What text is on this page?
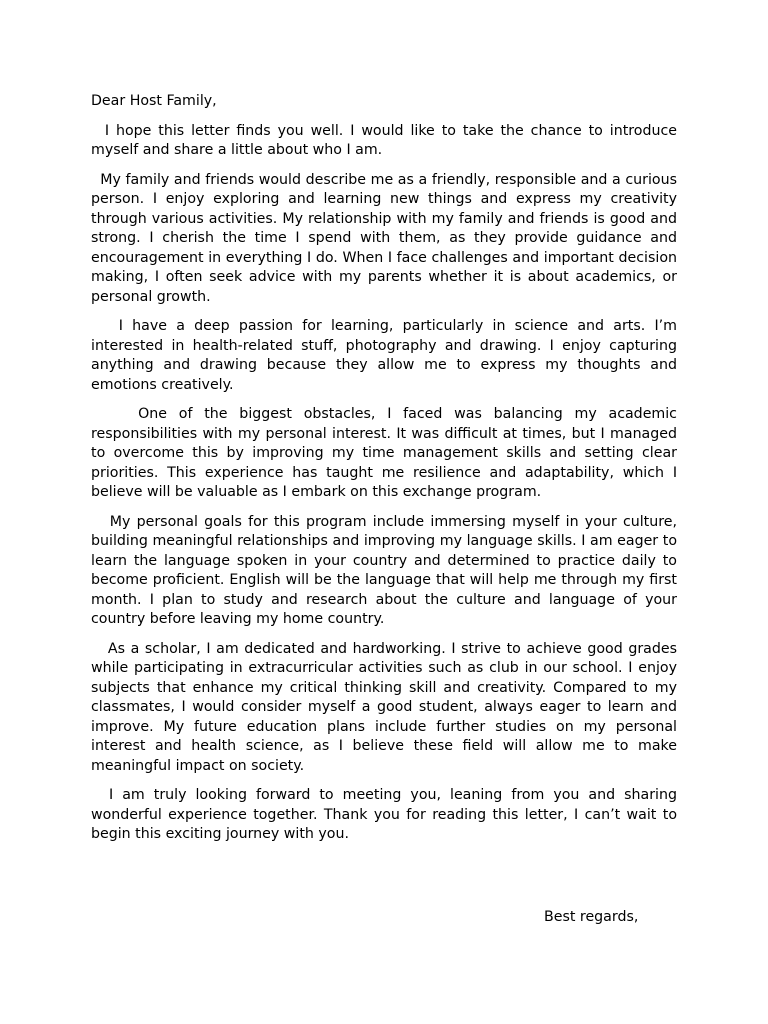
Dear Host Family,

I hope this letter finds you well. I would like to take the chance to introduce myself and share a little about who I am.

My family and friends would describe me as a friendly, responsible and a curious person. I enjoy exploring and learning new things and express my creativity through various activities. My relationship with my family and friends is good and strong. I cherish the time I spend with them, as they provide guidance and encouragement in everything I do. When I face challenges and important decision making, I often seek advice with my parents whether it is about academics, or personal growth.

I have a deep passion for learning, particularly in science and arts. I’m interested in health-related stuff, photography and drawing. I enjoy capturing anything and drawing because they allow me to express my thoughts and emotions creatively.

One of the biggest obstacles, I faced was balancing my academic responsibilities with my personal interest. It was difficult at times, but I managed to overcome this by improving my time management skills and setting clear priorities. This experience has taught me resilience and adaptability, which I believe will be valuable as I embark on this exchange program.

My personal goals for this program include immersing myself in your culture, building meaningful relationships and improving my language skills. I am eager to learn the language spoken in your country and determined to practice daily to become proficient. English will be the language that will help me through my first month. I plan to study and research about the culture and language of your country before leaving my home country.

As a scholar, I am dedicated and hardworking. I strive to achieve good grades while participating in extracurricular activities such as club in our school. I enjoy subjects that enhance my critical thinking skill and creativity. Compared to my classmates, I would consider myself a good student, always eager to learn and improve. My future education plans include further studies on my personal interest and health science, as I believe these field will allow me to make meaningful impact on society.

I am truly looking forward to meeting you, leaning from you and sharing wonderful experience together. Thank you for reading this letter, I can’t wait to begin this exciting journey with you.

Best regards,
